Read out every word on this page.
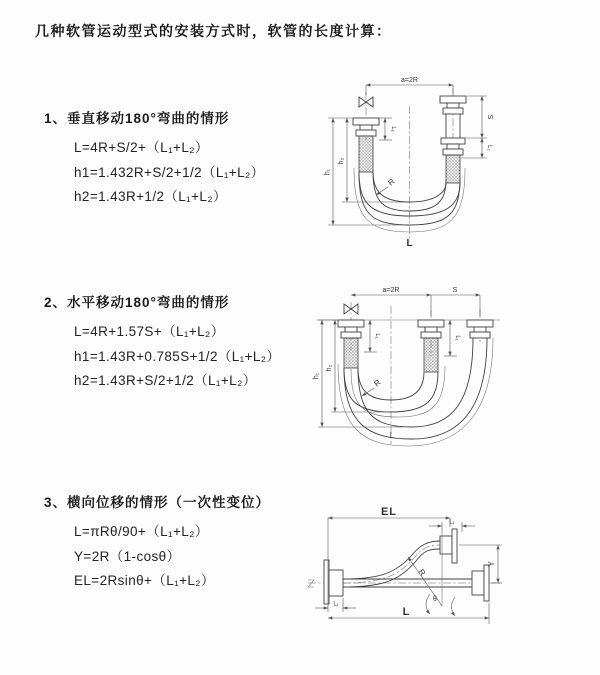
几种软管运动型式的安装方式时，软管的长度计算：
1、垂直移动180°弯曲的情形
L=4R+S/2+（L₁+L₂）
h1=1.432R+S/2+1/2（L₁+L₂）
h2=1.43R+1/2（L₁+L₂）
2、水平移动180°弯曲的情形
L=4R+1.57S+（L₁+L₂）
h1=1.43R+0.785S+1/2（L₁+L₂）
h2=1.43R+S/2+1/2（L₁+L₂）
3、横向位移的情形（一次性变位）
L=πRθ/90+（L₁+L₂）
Y=2R（1-cosθ）
EL=2Rsinθ+（L₁+L₂）
a=2R
L₁
S
L₂
h₁
h₂
R
L
a=2R	S
L₁	L₁
h₁
h₂
R
L
EL
L₁
R
θ
Y
L₁
L
